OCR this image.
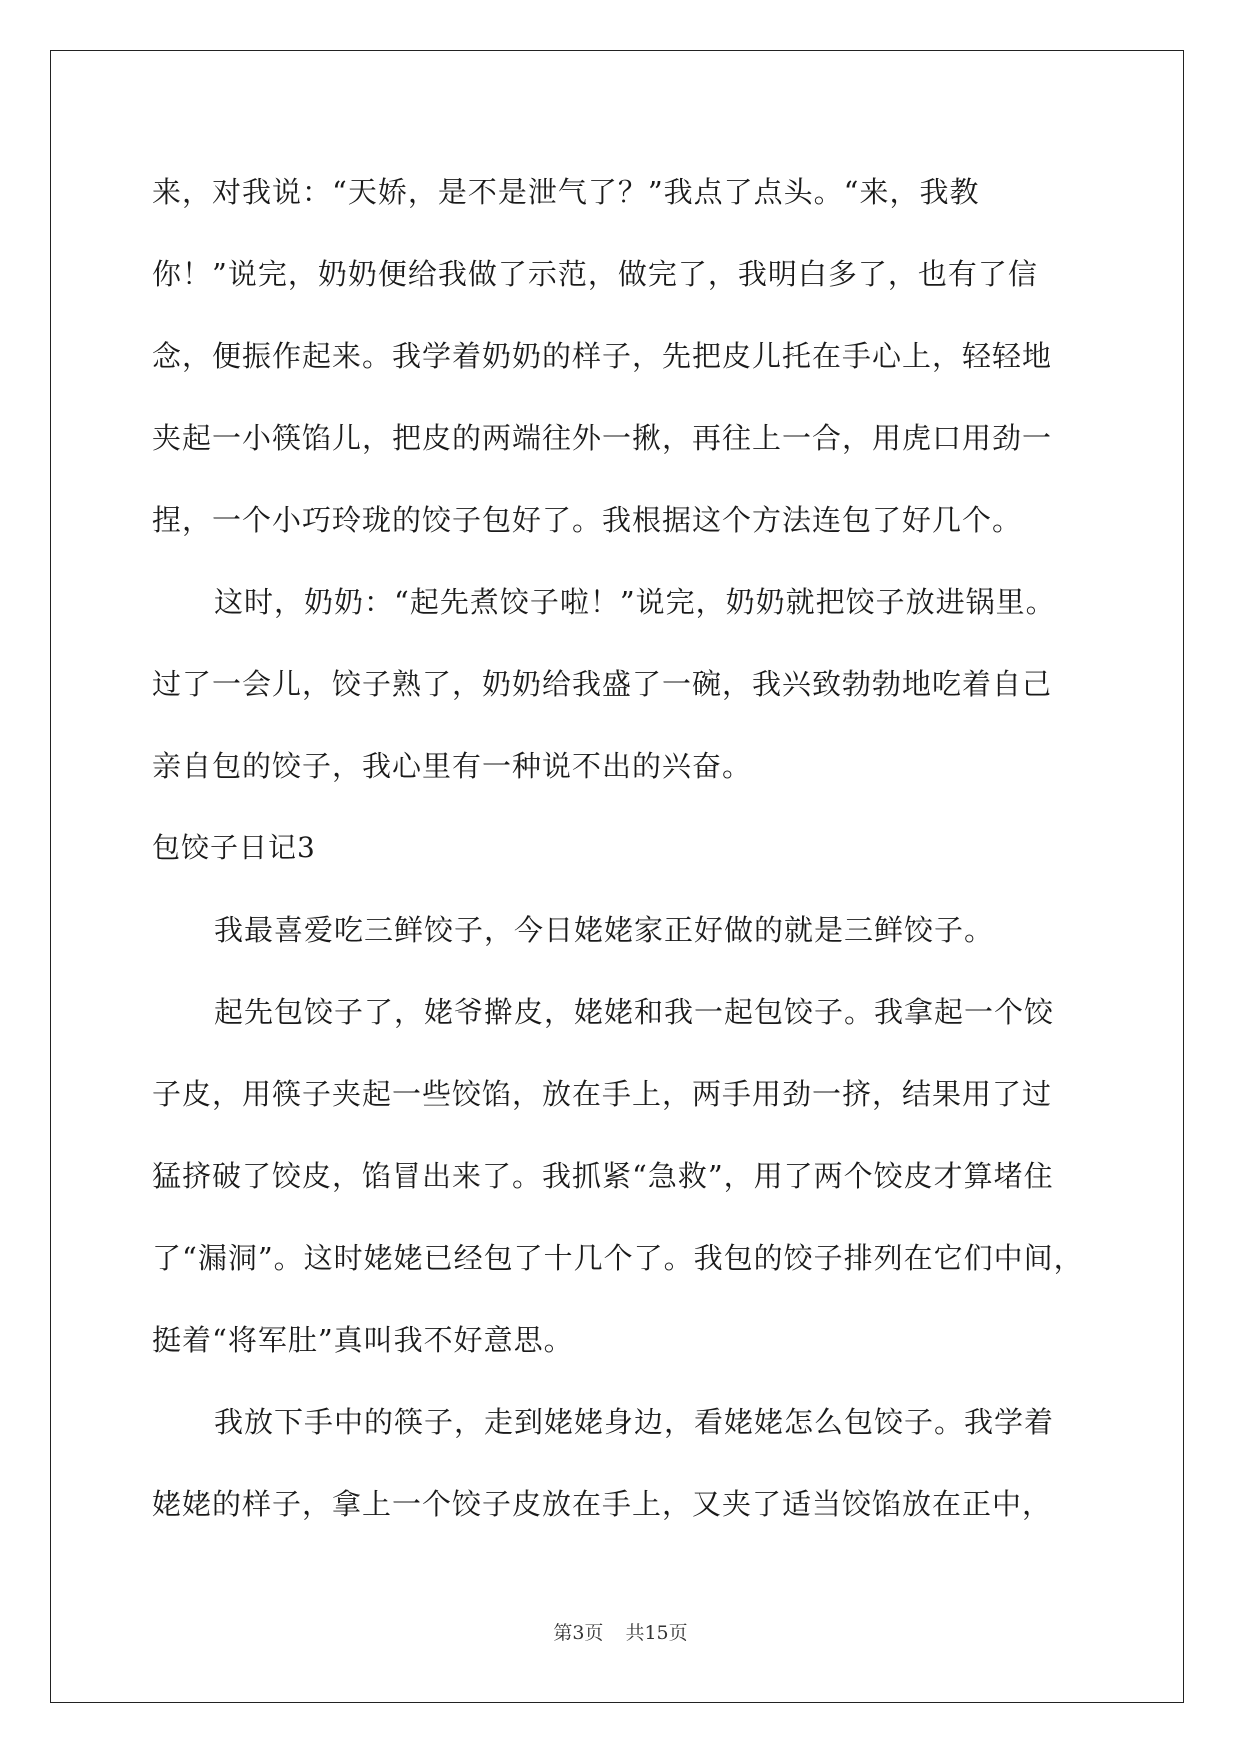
来，对我说：“天娇，是不是泄气了？”我点了点头。“来，我教
你！”说完，奶奶便给我做了示范，做完了，我明白多了，也有了信
念，便振作起来。我学着奶奶的样子，先把皮儿托在手心上，轻轻地
夹起一小筷馅儿，把皮的两端往外一揪，再往上一合，用虎口用劲一
捏，一个小巧玲珑的饺子包好了。我根据这个方法连包了好几个。
这时，奶奶：“起先煮饺子啦！”说完，奶奶就把饺子放进锅里。
过了一会儿，饺子熟了，奶奶给我盛了一碗，我兴致勃勃地吃着自己
亲自包的饺子，我心里有一种说不出的兴奋。
包饺子日记3
我最喜爱吃三鲜饺子，今日姥姥家正好做的就是三鲜饺子。
起先包饺子了，姥爷擀皮，姥姥和我一起包饺子。我拿起一个饺
子皮，用筷子夹起一些饺馅，放在手上，两手用劲一挤，结果用了过
猛挤破了饺皮，馅冒出来了。我抓紧“急救”，用了两个饺皮才算堵住
了“漏洞”。这时姥姥已经包了十几个了。我包的饺子排列在它们中间，
挺着“将军肚”真叫我不好意思。
我放下手中的筷子，走到姥姥身边，看姥姥怎么包饺子。我学着
姥姥的样子，拿上一个饺子皮放在手上，又夹了适当饺馅放在正中，
第3页 共15页
